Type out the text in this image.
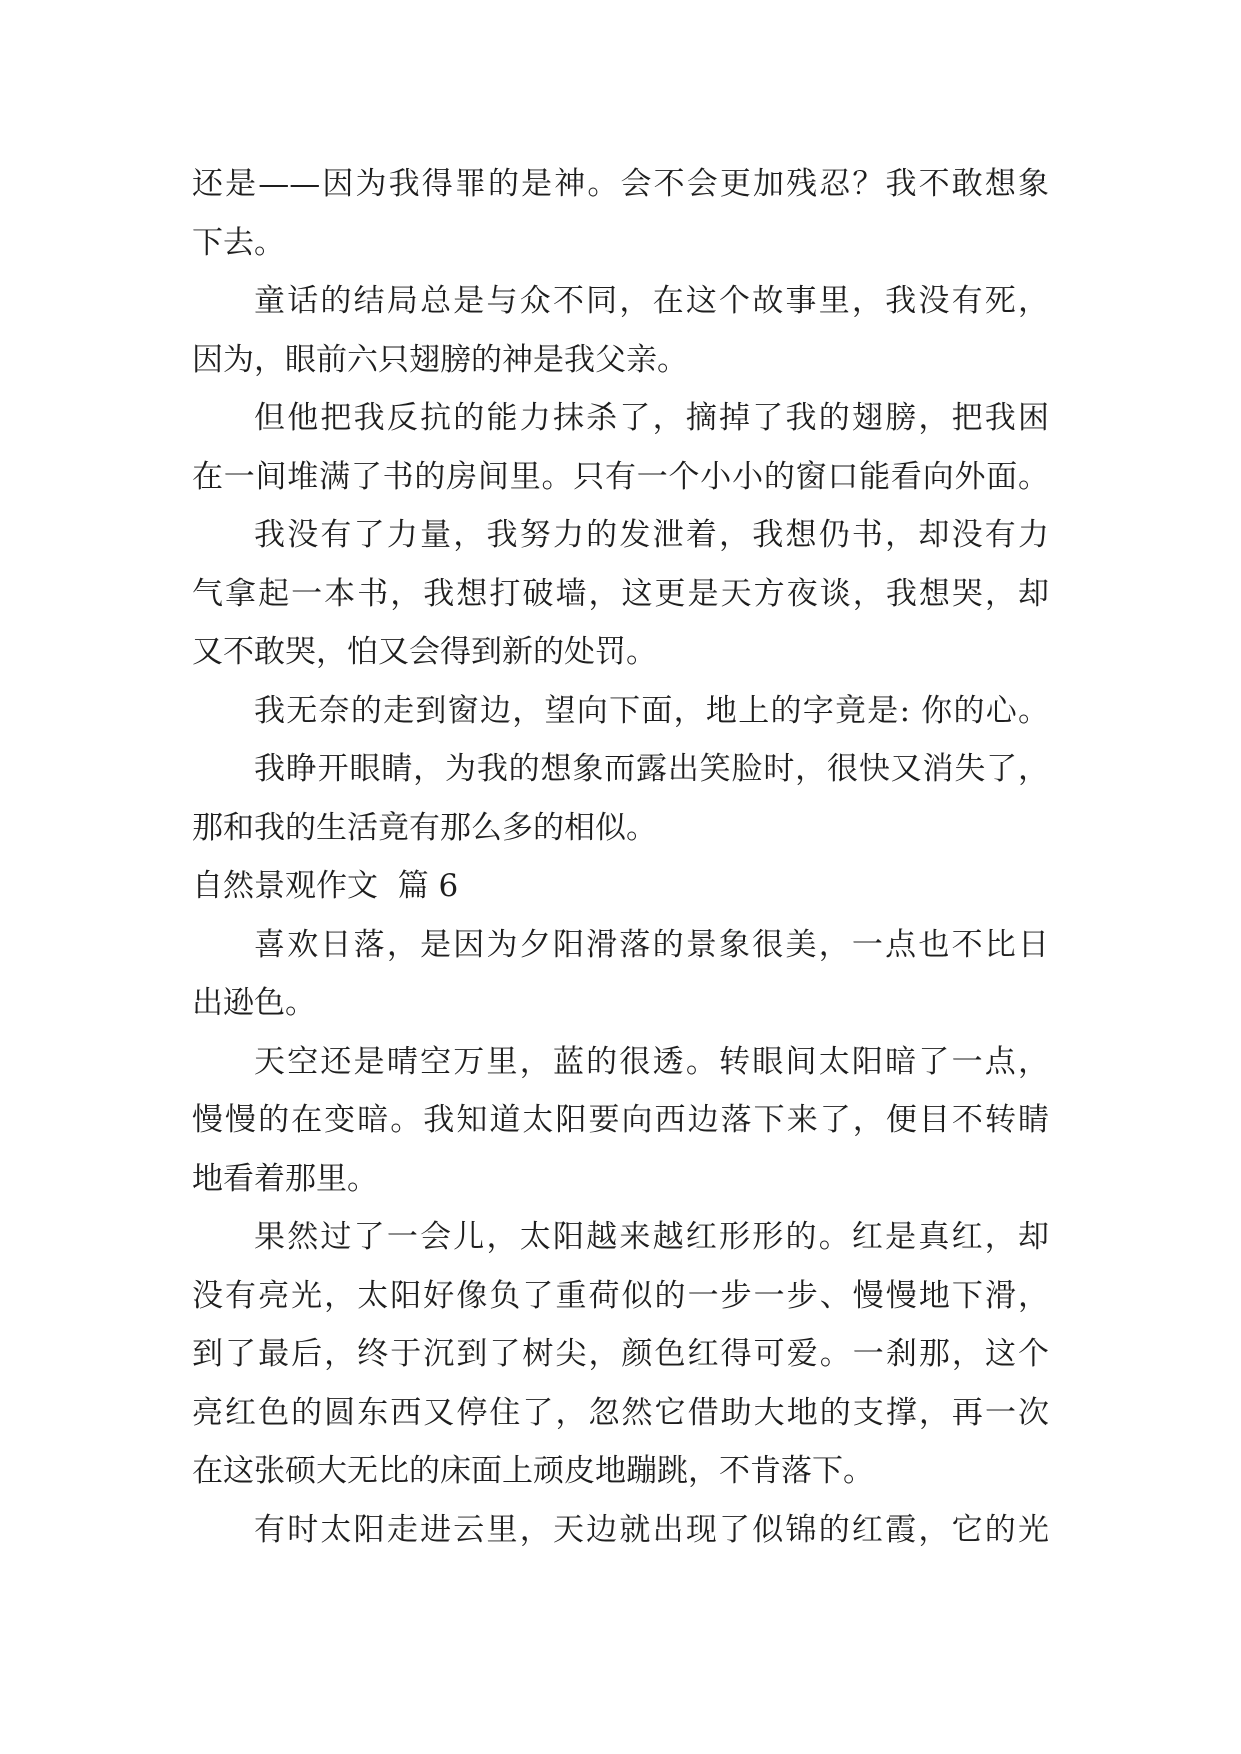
还是——因为我得罪的是神。会不会更加残忍？我不敢想象
下去。
童话的结局总是与众不同，在这个故事里，我没有死，
因为，眼前六只翅膀的神是我父亲。
但他把我反抗的能力抹杀了，摘掉了我的翅膀，把我困
在一间堆满了书的房间里。只有一个小小的窗口能看向外面。
我没有了力量，我努力的发泄着，我想仍书，却没有力
气拿起一本书，我想打破墙，这更是天方夜谈，我想哭，却
又不敢哭，怕又会得到新的处罚。
我无奈的走到窗边，望向下面，地上的字竟是: 你的心。
我睁开眼睛，为我的想象而露出笑脸时，很快又消失了，
那和我的生活竟有那么多的相似。
自然景观作文  篇 6
喜欢日落，是因为夕阳滑落的景象很美，一点也不比日
出逊色。
天空还是晴空万里，蓝的很透。转眼间太阳暗了一点，
慢慢的在变暗。我知道太阳要向西边落下来了，便目不转睛
地看着那里。
果然过了一会儿，太阳越来越红形形的。红是真红，却
没有亮光，太阳好像负了重荷似的一步一步、慢慢地下滑，
到了最后，终于沉到了树尖，颜色红得可爱。一刹那，这个
亮红色的圆东西又停住了，忽然它借助大地的支撑，再一次
在这张硕大无比的床面上顽皮地蹦跳，不肯落下。
有时太阳走进云里，天边就出现了似锦的红霞，它的光
